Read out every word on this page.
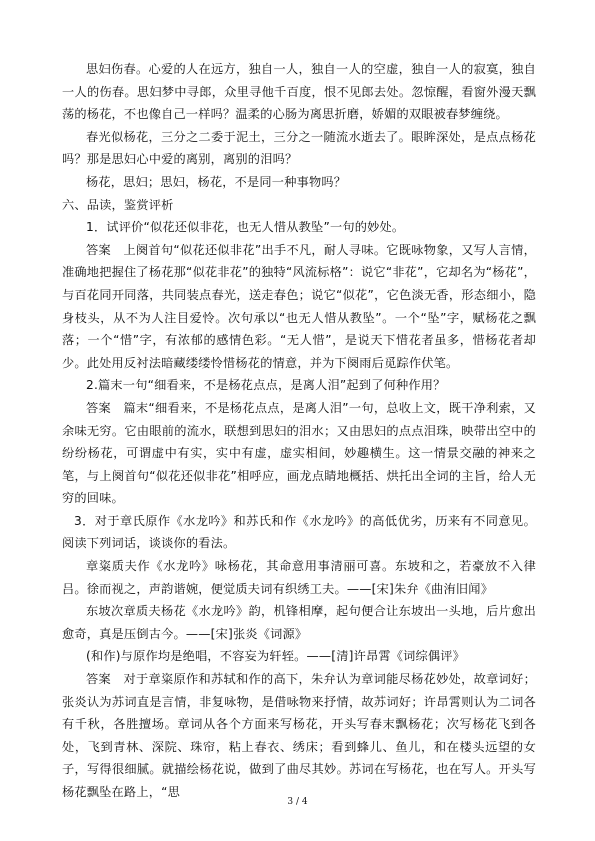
思妇伤春。心爱的人在远方，独自一人，独自一人的空虚，独自一人的寂寞，独自一人的伤春。思妇梦中寻郎，众里寻他千百度，恨不见郎去处。忽惊醒，看窗外漫天飘荡的杨花，不也像自己一样吗？温柔的心肠为离思折磨，娇媚的双眼被春梦缠绕。

春光似杨花，三分之二委于泥土，三分之一随流水逝去了。眼眸深处，是点点杨花吗？那是思妇心中爱的离别，离别的泪吗？

杨花，思妇；思妇，杨花，不是同一种事物吗？

六、品读，鉴赏评析

1．试评价“似花还似非花，也无人惜从教坠”一句的妙处。

答案　上阕首句“似花还似非花”出手不凡，耐人寻味。它既咏物象，又写人言情，准确地把握住了杨花那“似花非花”的独特“风流标格”：说它“非花”，它却名为“杨花”，与百花同开同落，共同装点春光，送走春色；说它“似花”，它色淡无香，形态细小，隐身枝头，从不为人注目爱怜。次句承以“也无人惜从教坠”。一个“坠”字，赋杨花之飘落；一个“惜”字，有浓郁的感情色彩。“无人惜”，是说天下惜花者虽多，惜杨花者却少。此处用反衬法暗藏缕缕怜惜杨花的情意，并为下阕雨后觅踪作伏笔。

2.篇末一句“细看来，不是杨花点点，是离人泪”起到了何种作用？

答案　篇末“细看来，不是杨花点点，是离人泪”一句，总收上文，既干净利索，又余味无穷。它由眼前的流水，联想到思妇的泪水；又由思妇的点点泪珠，映带出空中的纷纷杨花，可谓虚中有实，实中有虚，虚实相间，妙趣横生。这一情景交融的神来之笔，与上阕首句“似花还似非花”相呼应，画龙点睛地概括、烘托出全词的主旨，给人无穷的回味。

3．对于章氏原作《水龙吟》和苏氏和作《水龙吟》的高低优劣，历来有不同意见。阅读下列词话，谈谈你的看法。

章粢质夫作《水龙吟》咏杨花，其命意用事清丽可喜。东坡和之，若豪放不入律吕。徐而视之，声韵谐婉，便觉质夫词有织绣工夫。——[宋]朱弁《曲洧旧闻》

东坡次章质夫杨花《水龙吟》韵，机锋相摩，起句便合让东坡出一头地，后片愈出愈奇，真是压倒古今。——[宋]张炎《词源》

(和作)与原作均是绝唱，不容妄为轩轾。——[清]许昂霄《词综偶评》

答案　对于章粢原作和苏轼和作的高下，朱弁认为章词能尽杨花妙处，故章词好；张炎认为苏词直是言情，非复咏物，是借咏物来抒情，故苏词好；许昂霄则认为二词各有千秋，各胜擅场。章词从各个方面来写杨花，开头写春末飘杨花；次写杨花飞到各处，飞到青林、深院、珠帘，粘上春衣、绣床；看到蜂儿、鱼儿，和在楼头远望的女子，写得很细腻。就描绘杨花说，做到了曲尽其妙。苏词在写杨花，也在写人。开头写杨花飘坠在路上，“思

3 / 4
